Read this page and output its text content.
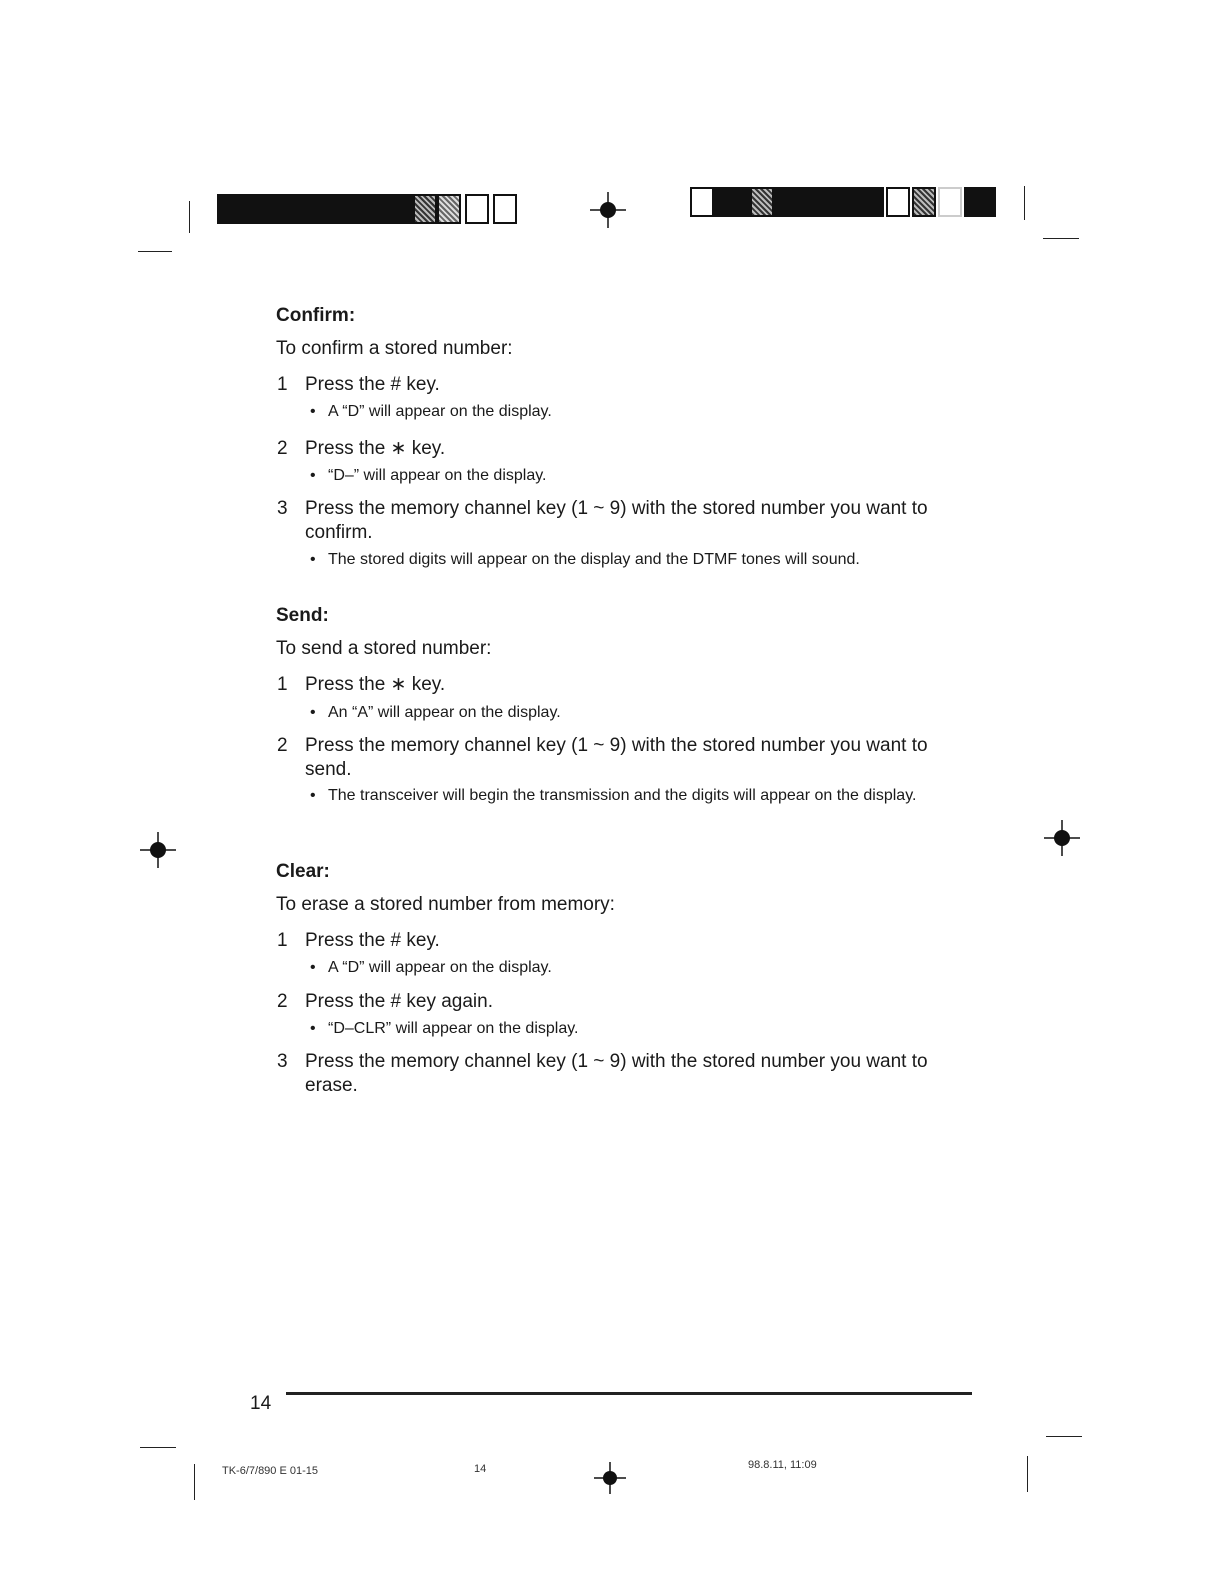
Confirm:

To confirm a stored number:

1 Press the # key.
• A “D” will appear on the display.
2 Press the ∗ key.
• “D–” will appear on the display.
3 Press the memory channel key (1 ~ 9) with the stored number you want to confirm.
• The stored digits will appear on the display and the DTMF tones will sound.
Send:

To send a stored number:

1 Press the ∗ key.
• An “A” will appear on the display.
2 Press the memory channel key (1 ~ 9) with the stored number you want to send.
• The transceiver will begin the transmission and the digits will appear on the display.
Clear:

To erase a stored number from memory:

1 Press the # key.
• A “D” will appear on the display.
2 Press the # key again.
• “D–CLR” will appear on the display.
3 Press the memory channel key (1 ~ 9) with the stored number you want to erase.
14
TK-6/7/890 E 01-15	14	98.8.11, 11:09
